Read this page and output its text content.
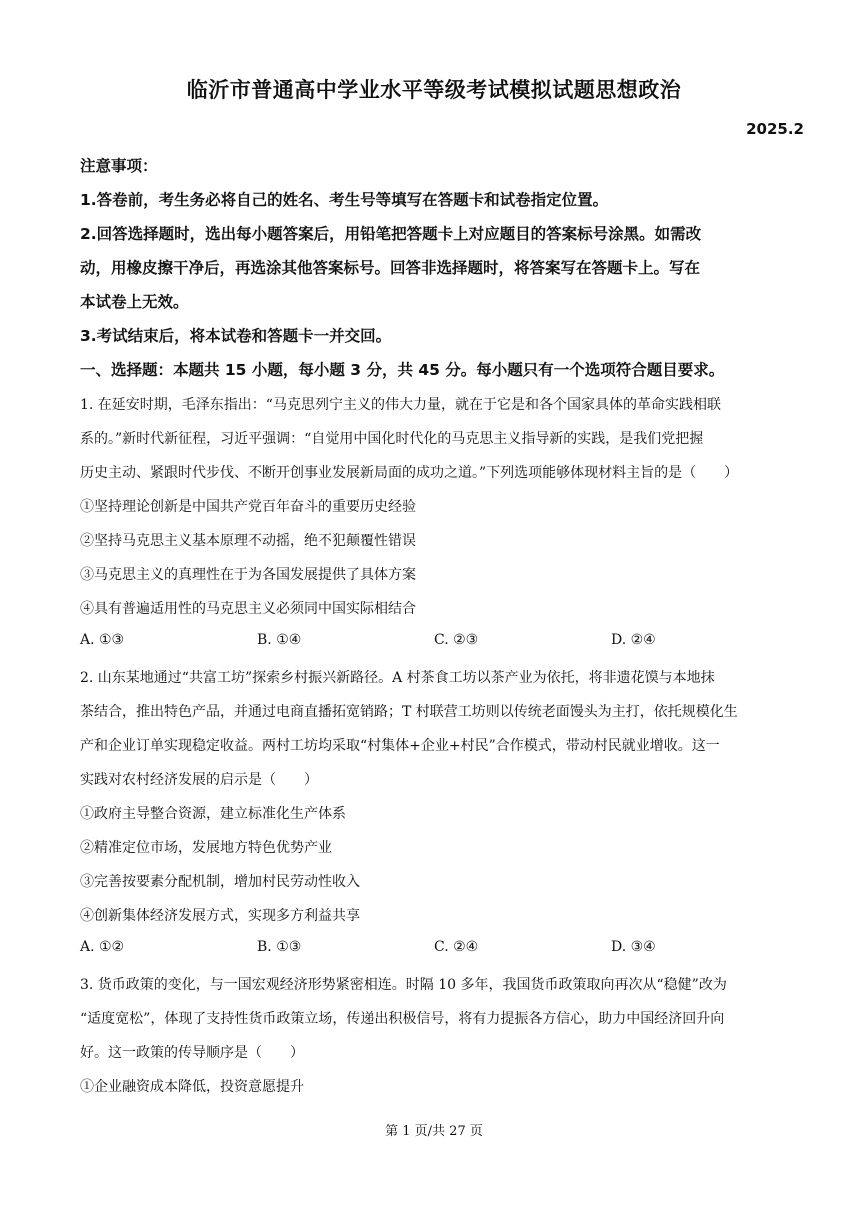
临沂市普通高中学业水平等级考试模拟试题思想政治
2025.2
注意事项：
1.答卷前，考生务必将自己的姓名、考生号等填写在答题卡和试卷指定位置。
2.回答选择题时，选出每小题答案后，用铅笔把答题卡上对应题目的答案标号涂黑。如需改
动，用橡皮擦干净后，再选涂其他答案标号。回答非选择题时，将答案写在答题卡上。写在
本试卷上无效。
3.考试结束后，将本试卷和答题卡一并交回。
一、选择题：本题共 15 小题，每小题 3 分，共 45 分。每小题只有一个选项符合题目要求。
1. 在延安时期，毛泽东指出：“马克思列宁主义的伟大力量，就在于它是和各个国家具体的革命实践相联
系的。”新时代新征程，习近平强调：“自觉用中国化时代化的马克思主义指导新的实践，是我们党把握
历史主动、紧跟时代步伐、不断开创事业发展新局面的成功之道。”下列选项能够体现材料主旨的是（　　）
①坚持理论创新是中国共产党百年奋斗的重要历史经验
②坚持马克思主义基本原理不动摇，绝不犯颠覆性错误
③马克思主义的真理性在于为各国发展提供了具体方案
④具有普遍适用性的马克思主义必须同中国实际相结合
A. ①③	B. ①④	C. ②③	D. ②④
2. 山东某地通过“共富工坊”探索乡村振兴新路径。A 村茶食工坊以茶产业为依托，将非遗花馍与本地抹
茶结合，推出特色产品，并通过电商直播拓宽销路；T 村联营工坊则以传统老面馒头为主打，依托规模化生
产和企业订单实现稳定收益。两村工坊均采取“村集体+企业+村民”合作模式，带动村民就业增收。这一
实践对农村经济发展的启示是（　　）
①政府主导整合资源，建立标准化生产体系
②精准定位市场，发展地方特色优势产业
③完善按要素分配机制，增加村民劳动性收入
④创新集体经济发展方式，实现多方利益共享
A. ①②	B. ①③	C. ②④	D. ③④
3. 货币政策的变化，与一国宏观经济形势紧密相连。时隔 10 多年，我国货币政策取向再次从“稳健”改为
“适度宽松”，体现了支持性货币政策立场，传递出积极信号，将有力提振各方信心，助力中国经济回升向
好。这一政策的传导顺序是（　　）
①企业融资成本降低，投资意愿提升
第 1 页/共 27 页
